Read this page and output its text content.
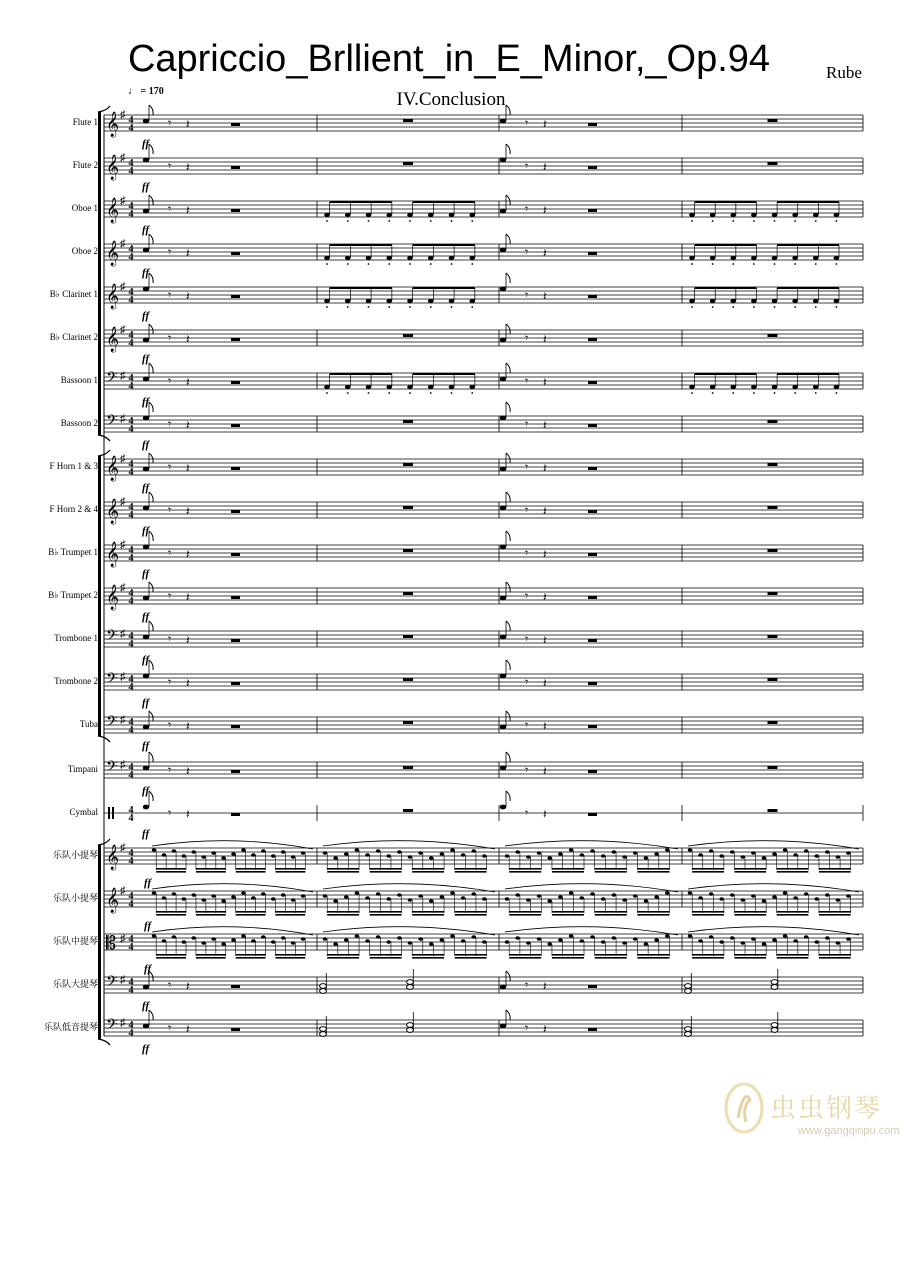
Capriccio_Brllient_in_E_Minor,_Op.94	Rube
IV.Conclusion
♩ = 170
Flute 1 𝄞 ♯ 4
4	𝄾 𝄽
ff
𝄾 𝄽
Flute 2 𝄞 ♯ 4
4	𝄾 𝄽
ff
𝄾 𝄽
Oboe 1 𝄞 ♯ 4
4	𝄾 𝄽
ff
𝄾 𝄽
Oboe 2 𝄞 ♯ 4
4	𝄾 𝄽
ff
𝄾 𝄽
B♭ Clarinet 1 𝄞 ♯ 4
4	𝄾 𝄽
ff
𝄾 𝄽
B♭ Clarinet 2 𝄞 ♯ 4
4	𝄾 𝄽
ff
𝄾 𝄽
Bassoon 1 𝄢 ♯ 4
4	𝄾 𝄽
ff
𝄾 𝄽
Bassoon 2 𝄢 ♯ 4
4	𝄾 𝄽
ff
𝄾 𝄽
F Horn 1 & 3 𝄞 ♯ 4
4	𝄾 𝄽
ff
𝄾 𝄽
F Horn 2 & 4 𝄞 ♯ 4
4	𝄾 𝄽
ff
𝄾 𝄽
B♭ Trumpet 1 𝄞 ♯ 4
4	𝄾 𝄽
ff
𝄾 𝄽
B♭ Trumpet 2 𝄞 ♯ 4
4	𝄾 𝄽
ff
𝄾 𝄽
Trombone 1 𝄢 ♯ 4
4	𝄾 𝄽
ff
𝄾 𝄽
Trombone 2 𝄢 ♯ 4
4	𝄾 𝄽
ff
𝄾 𝄽
Tuba 𝄢 ♯ 4
4	𝄾 𝄽
ff
𝄾 𝄽
Timpani 𝄢 ♯ 4
4	𝄾 𝄽
ff
𝄾 𝄽
Cymbal	4
4	𝄾 𝄽
ff
𝄾 𝄽
乐队小提琴 𝄞 ♯ 4
4
ff
乐队小提琴 𝄞 ♯ 4
4
ff
乐队中提琴 𝄡 ♯ 4
4
ff
乐队大提琴 𝄢 ♯ 4
4	𝄾 𝄽
ff
𝄾 𝄽
乐队低音提琴 𝄢 ♯ 4
4	𝄾 𝄽
ff
𝄾 𝄽
虫虫钢琴
www.gangqinpu.com
